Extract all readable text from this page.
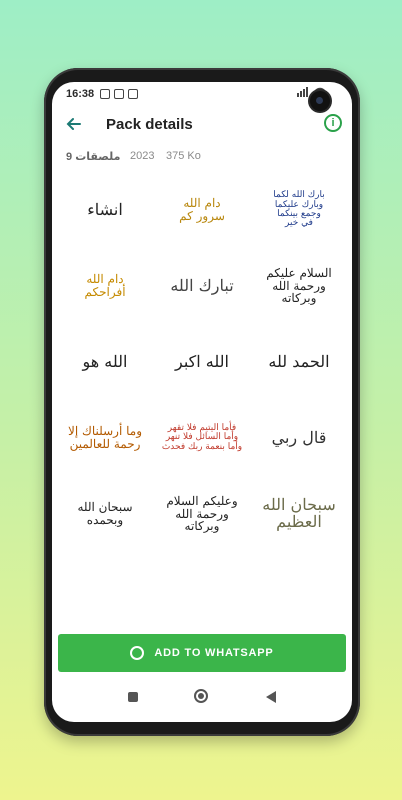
16:38
Pack details	i
9 ملصقات 2023 375 Ko
انشاء	دام الله
سرور كم
بارك الله لكما
وبارك عليكما
وجمع بينكما
في خير
دام الله
أفراحكم	تبارك الله
السلام عليكم
ورحمة الله وبركاته
الله هو	الله اكبر الحمد لله
وما أرسلناك إلا
رحمة للعالمين
فأما اليتيم فلا تقهر
وأما السائل فلا تنهر
وأما بنعمة ربك فحدث
قال ربي
سبحان الله
وبحمده
وعليكم السلام
ورحمة الله وبركاته
سبحان الله العظيم
ADD TO WHATSAPP
